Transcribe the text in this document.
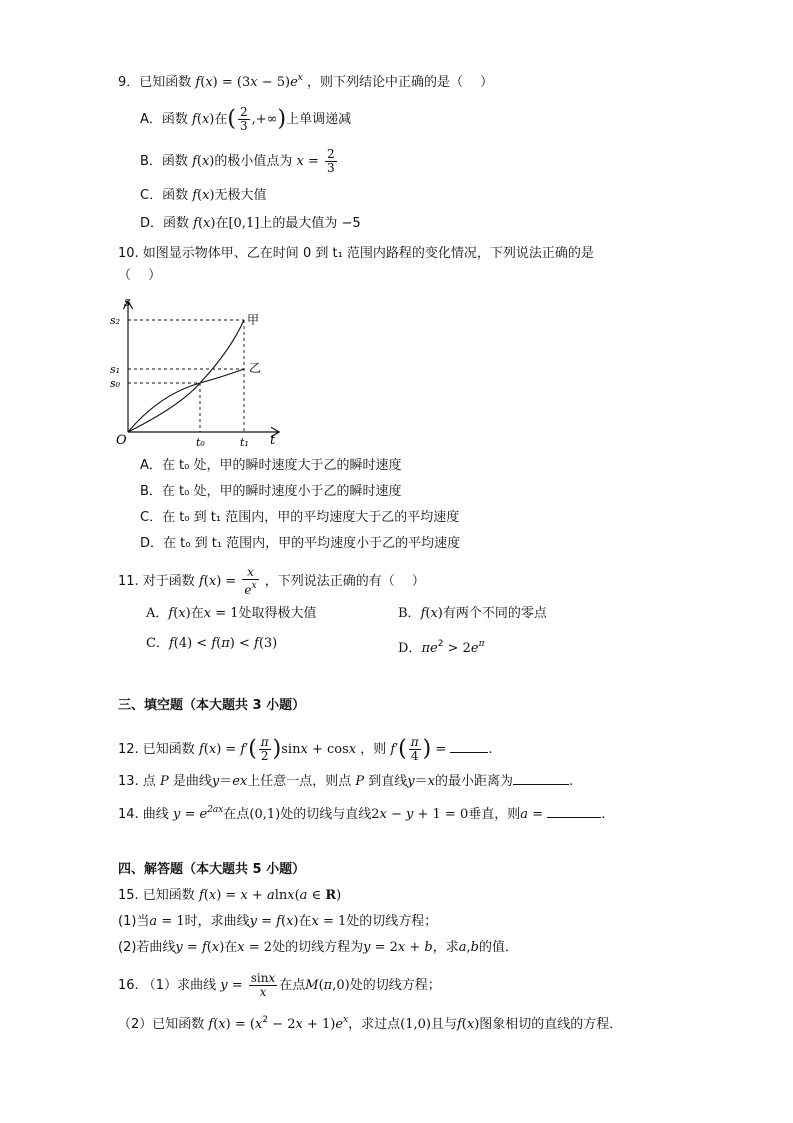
9．已知函数 $f(x) = (3x - 5)e^x$ ，则下列结论中正确的是（　 ）
A．函数 f(x)在( $\frac{2}{3}$ ,+∞)上单调递减
B．函数 f(x)的极小值点为 $x = \frac{2}{3}$
C．函数 f(x)无极大值
D．函数 f(x)在[0,1]上的最大值为 −5
10. 如图显示物体甲、乙在时间 0 到 t₁ 范围内路程的变化情况，下列说法正确的是
（　 ）
s
t
O
s₂
s₁
s₀
t₀	t₁
甲
乙
A．在 t₀ 处，甲的瞬时速度大于乙的瞬时速度
B．在 t₀ 处，甲的瞬时速度小于乙的瞬时速度
C．在 t₀ 到 t₁ 范围内，甲的平均速度大于乙的平均速度
D．在 t₀ 到 t₁ 范围内，甲的平均速度小于乙的平均速度
11. 对于函数 $f(x) = \frac{x}{e^x}$ ，下列说法正确的有（　 ）
A．f(x)在x = 1处取得极大值	B．f(x)有两个不同的零点
C．f(4) < f(π) < f(3)	D．$\pi e^2 > 2e^\pi$
三、填空题（本大题共 3 小题）
12. 已知函数 $f(x) = f'( \frac{\pi}{2} )\sin x + \cos x$ ，则 $f'( \frac{\pi}{4}$ ) =	.
13. 点 P 是曲线y＝ex上任意一点，则点 P 到直线y＝x的最小距离为	.
14. 曲线 $y = e^{2ax}$在点(0,1)处的切线与直线2x − y + 1 = 0垂直，则a =	.
四、解答题（本大题共 5 小题）
15. 已知函数 f(x) = x + alnx(a ∈ R)
(1)当a = 1时，求曲线y = f(x)在x = 1处的切线方程；
(2)若曲线y = f(x)在x = 2处的切线方程为y = 2x + b，求a,b的值．
16. （1）求曲线 $y = \frac{\sin x}{x}$ 在点M(π,0)处的切线方程；
（2）已知函数 $f(x) = (x^2 - 2x + 1)e^x$，求过点(1,0)且与f(x)图象相切的直线的方程．
